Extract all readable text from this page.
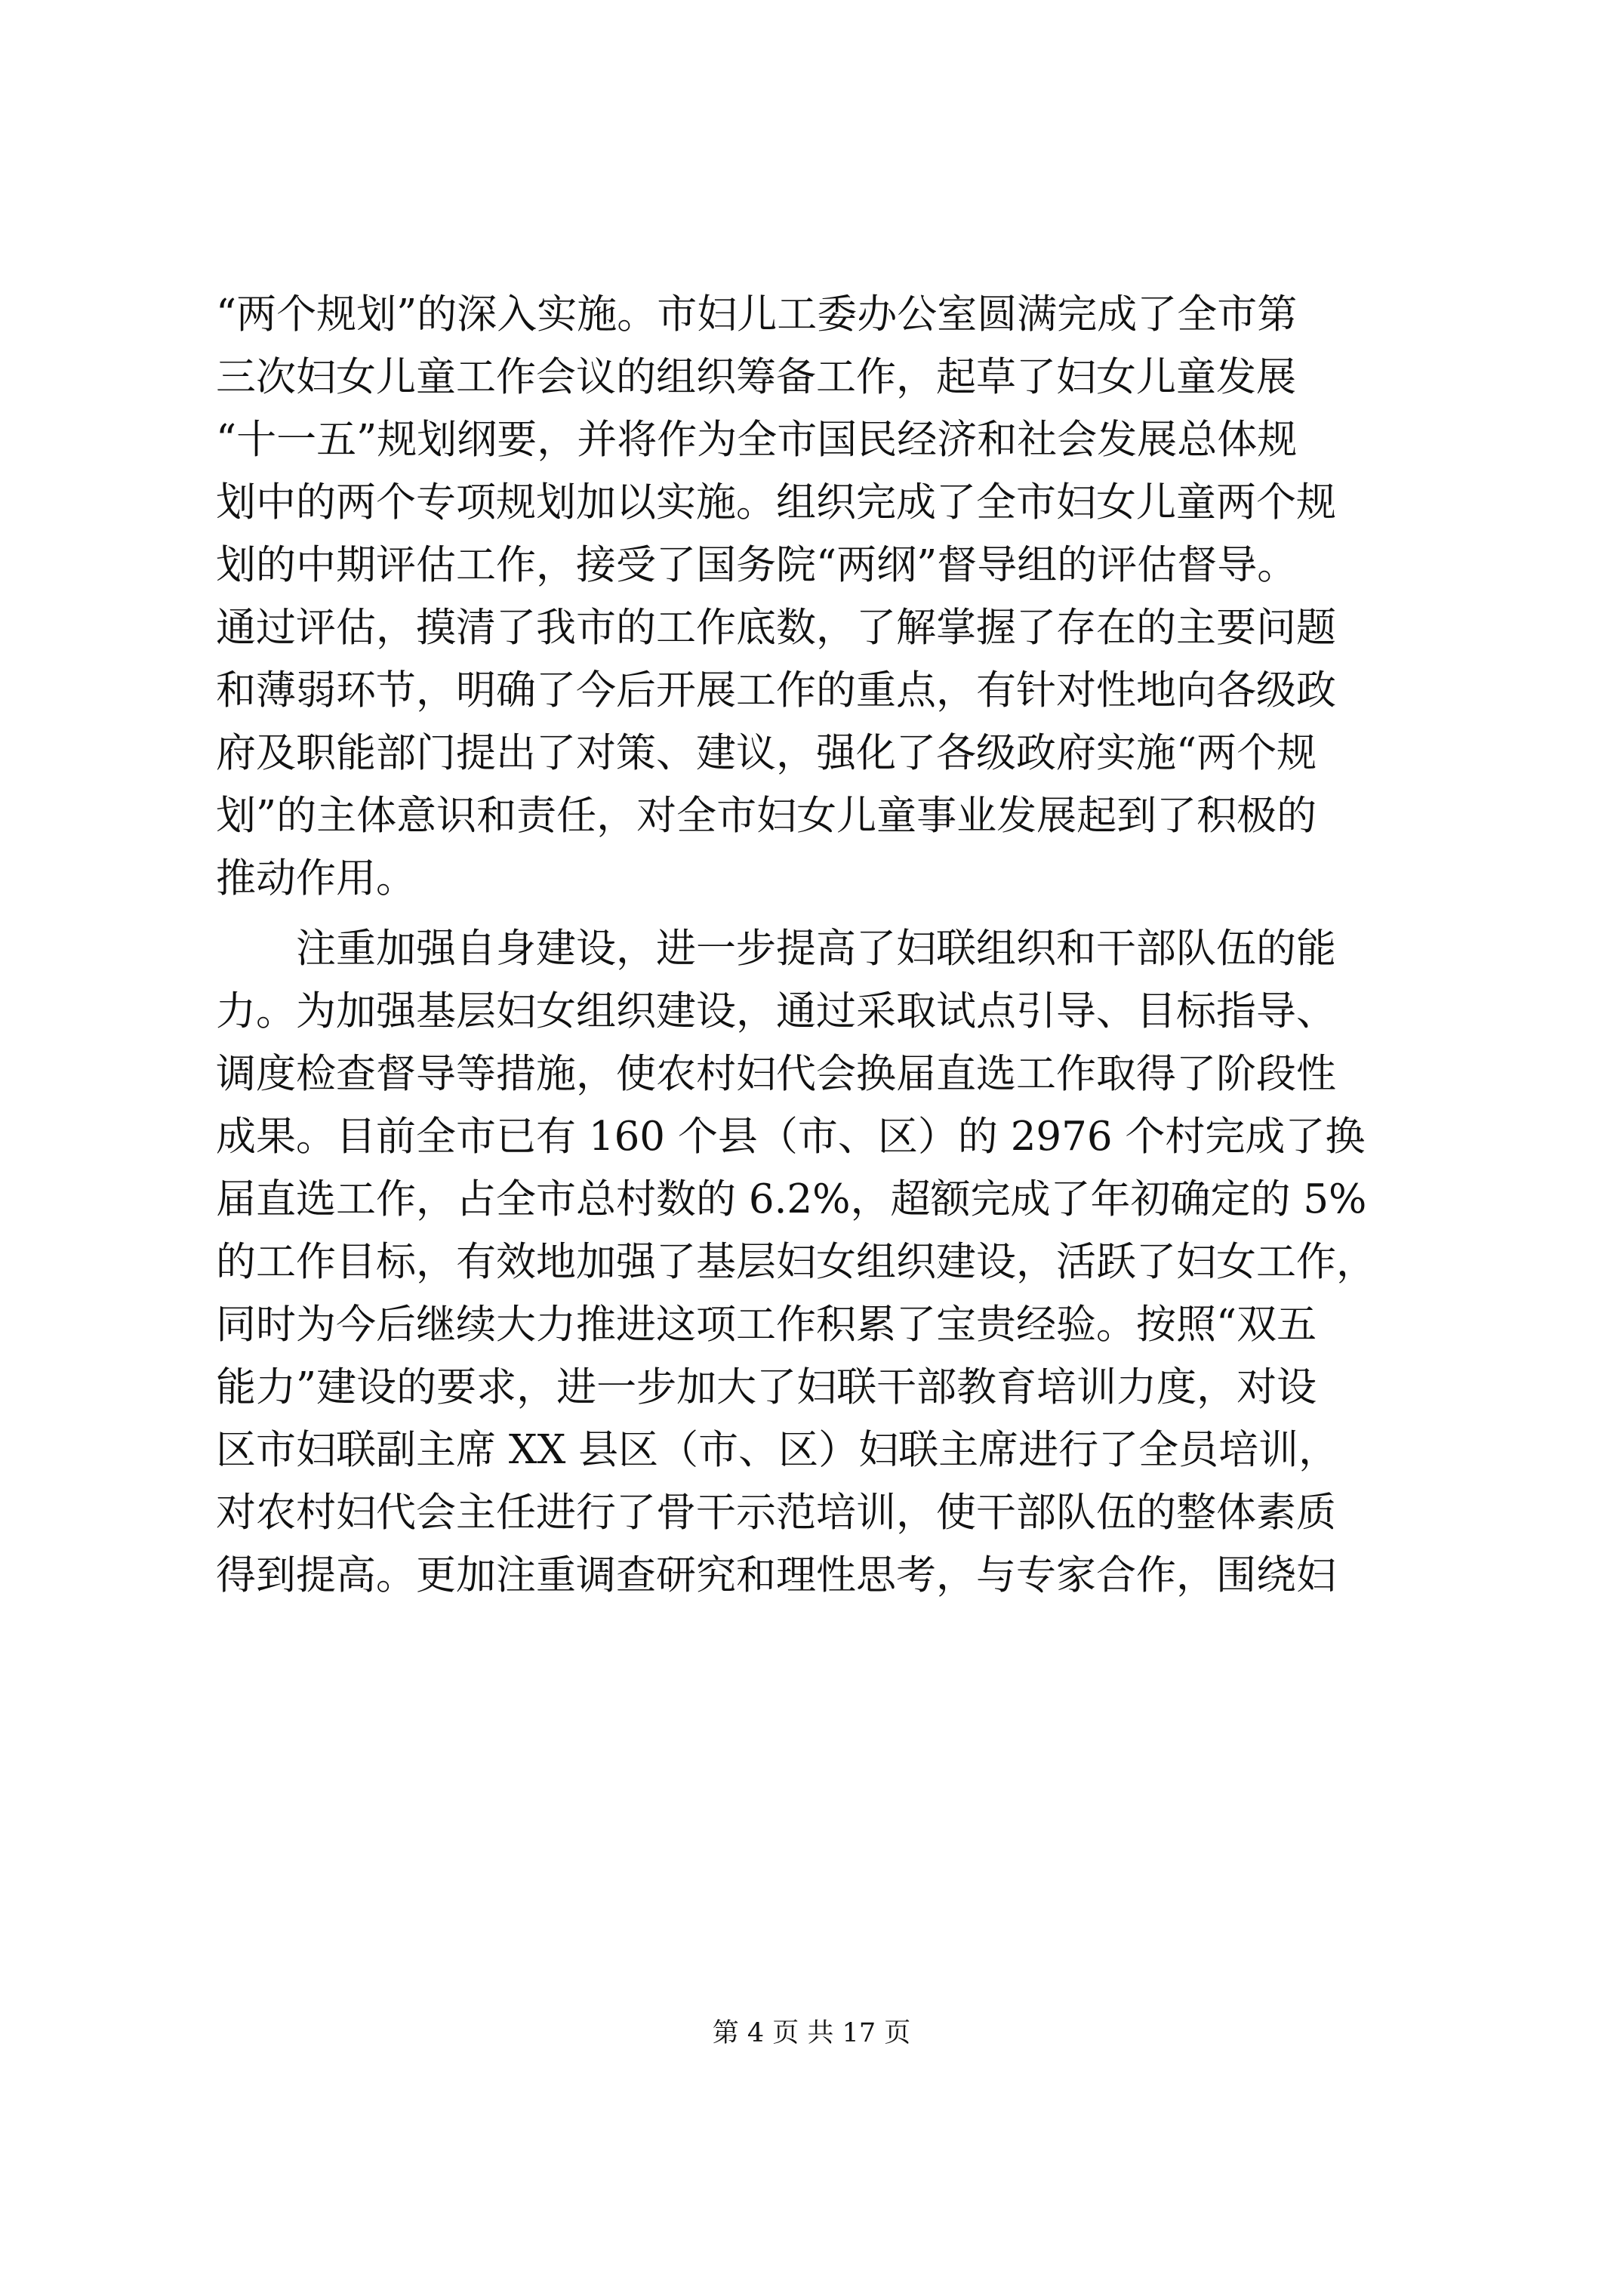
“两个规划”的深入实施。市妇儿工委办公室圆满完成了全市第
三次妇女儿童工作会议的组织筹备工作，起草了妇女儿童发展
“十一五”规划纲要，并将作为全市国民经济和社会发展总体规
划中的两个专项规划加以实施。组织完成了全市妇女儿童两个规
划的中期评估工作，接受了国务院“两纲”督导组的评估督导。
通过评估，摸清了我市的工作底数，了解掌握了存在的主要问题
和薄弱环节，明确了今后开展工作的重点，有针对性地向各级政
府及职能部门提出了对策、建议，强化了各级政府实施“两个规
划”的主体意识和责任，对全市妇女儿童事业发展起到了积极的
推动作用。
注重加强自身建设，进一步提高了妇联组织和干部队伍的能
力。为加强基层妇女组织建设，通过采取试点引导、目标指导、
调度检查督导等措施，使农村妇代会换届直选工作取得了阶段性
成果。目前全市已有 160 个县（市、区）的 2976 个村完成了换
届直选工作，占全市总村数的 6.2%，超额完成了年初确定的 5%
的工作目标，有效地加强了基层妇女组织建设，活跃了妇女工作，
同时为今后继续大力推进这项工作积累了宝贵经验。按照“双五
能力”建设的要求，进一步加大了妇联干部教育培训力度，对设
区市妇联副主席 XX 县区（市、区）妇联主席进行了全员培训，
对农村妇代会主任进行了骨干示范培训，使干部队伍的整体素质
得到提高。更加注重调查研究和理性思考，与专家合作，围绕妇
第 4 页 共 17 页
